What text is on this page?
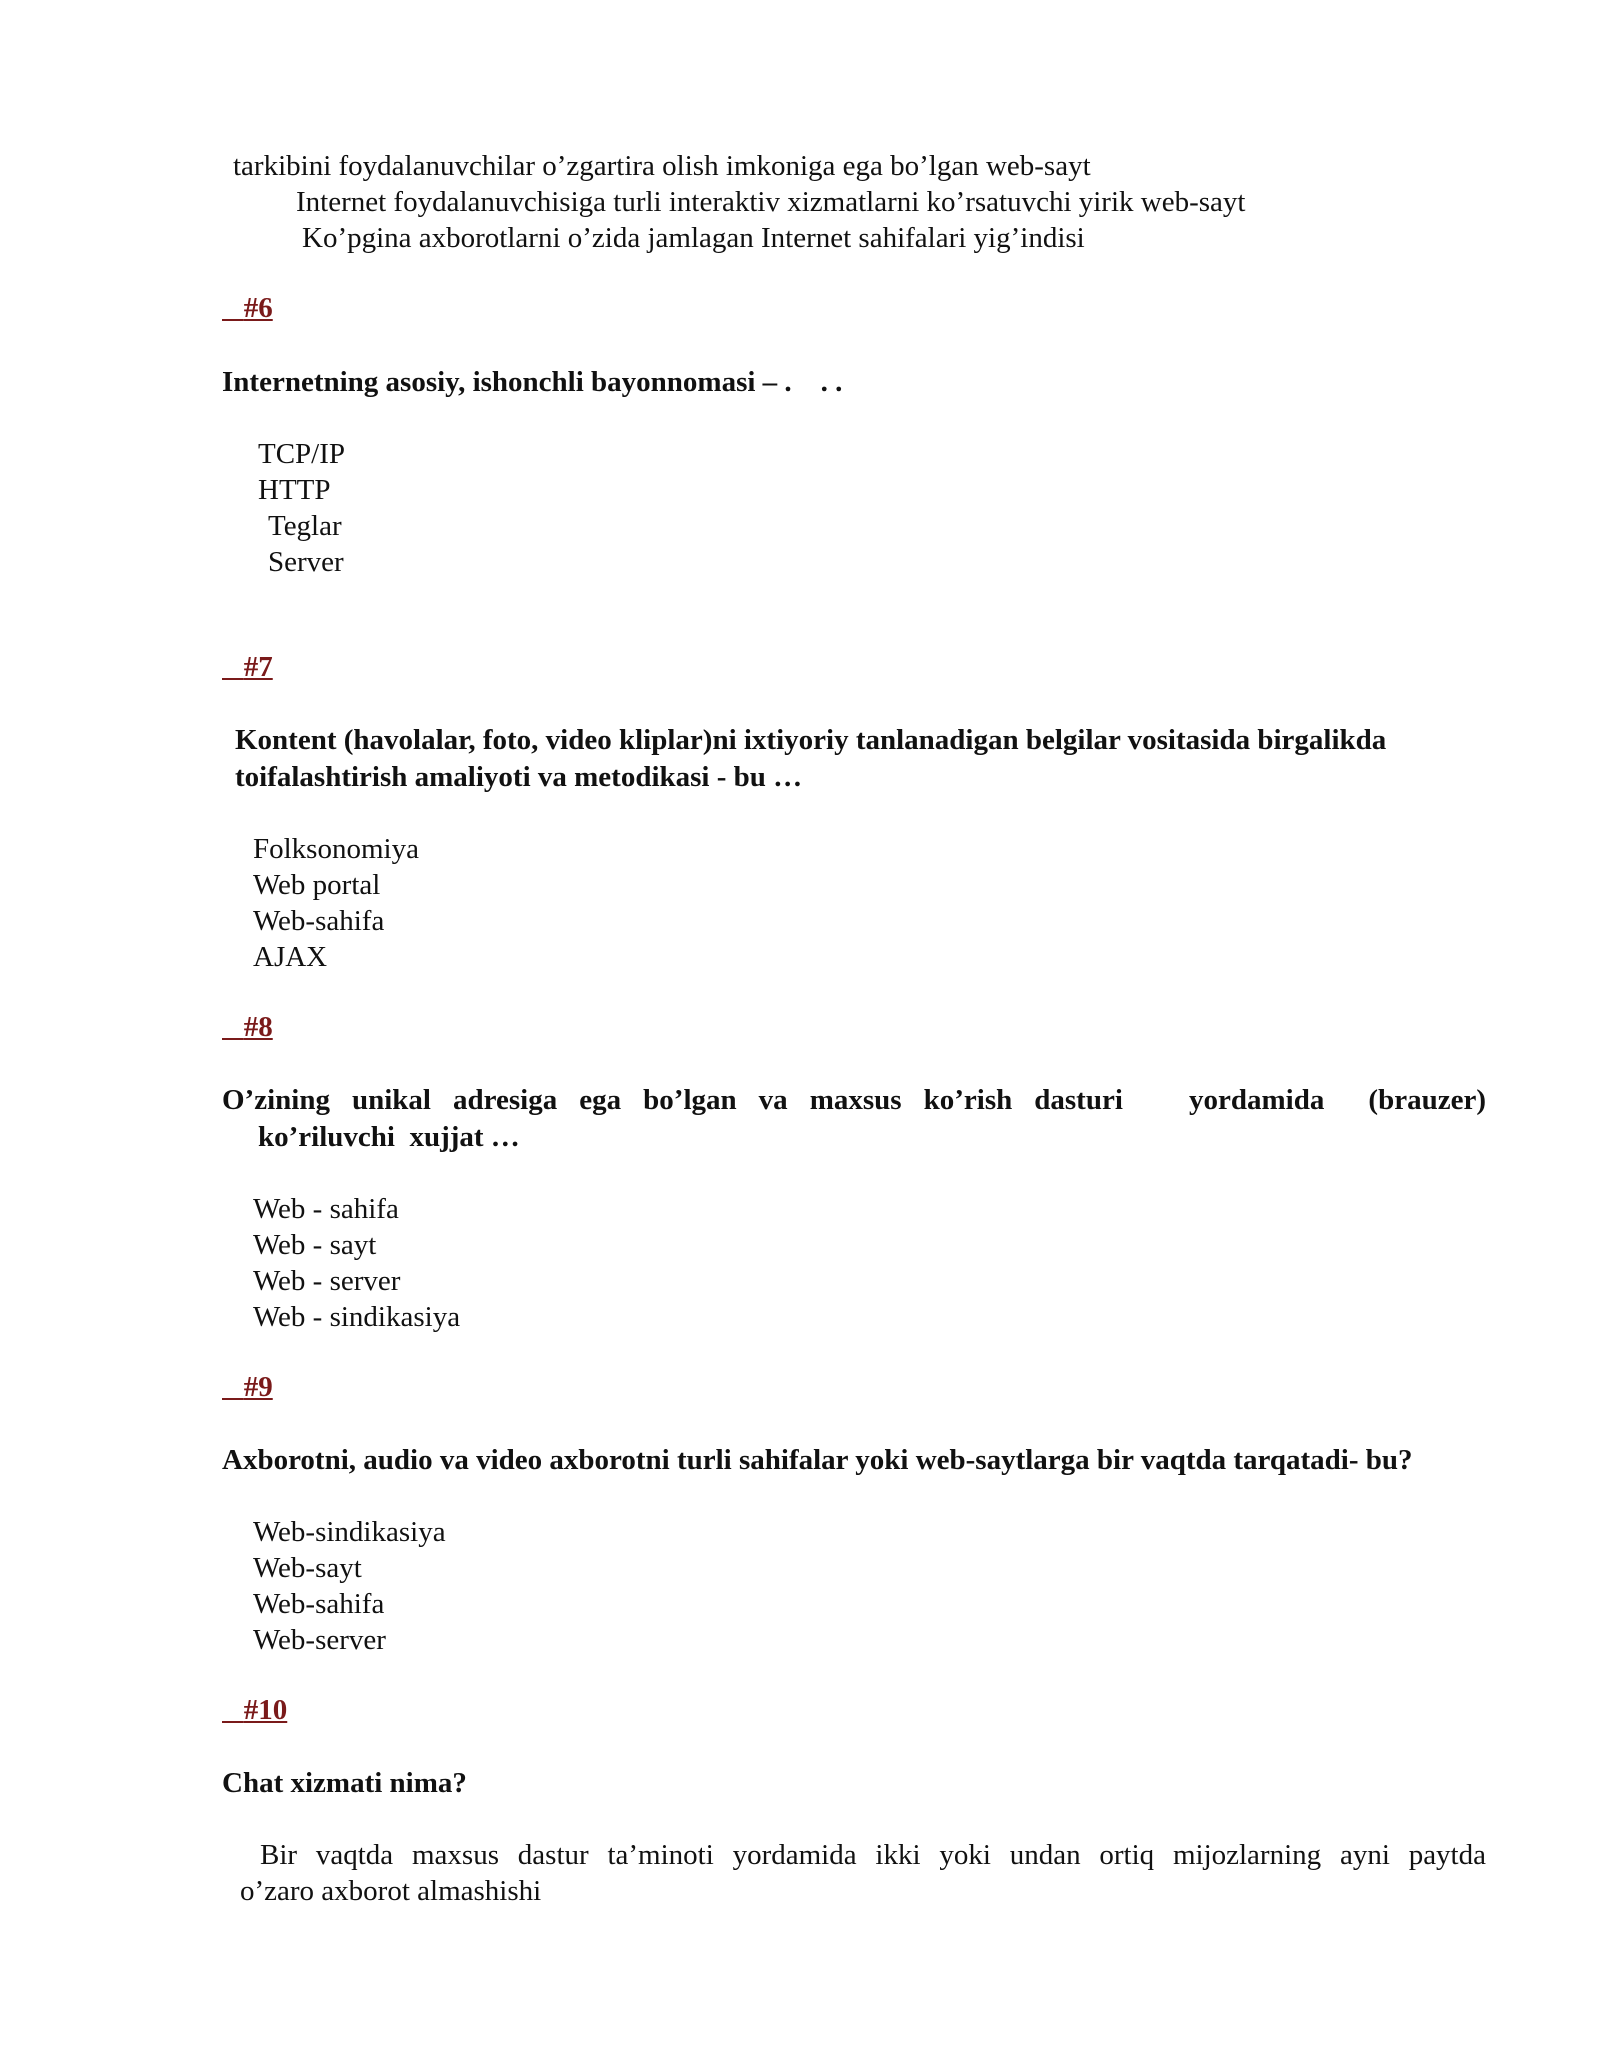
tarkibini foydalanuvchilar o’zgartira olish imkoniga ega bo’lgan web-sayt
Internet foydalanuvchisiga turli interaktiv xizmatlarni ko’rsatuvchi yirik web-sayt
Ko’pgina axborotlarni o’zida jamlagan Internet sahifalari yig’indisi
#6
Internetning asosiy, ishonchli bayonnomasi – .    . .
TCP/IP
HTTP
Teglar
Server
#7
Kontent (havolalar, foto, video kliplar)ni ixtiyoriy tanlanadigan belgilar vositasida birgalikda
toifalashtirish amaliyoti va metodikasi - bu …
Folksonomiya
Web portal
Web-sahifa
AJAX
#8
O’zining unikal adresiga ega bo’lgan va maxsus ko’rish dasturi   yordamida  (brauzer)
ko’riluvchi  xujjat …
Web - sahifa
Web - sayt
Web - server
Web - sindikasiya
#9
Axborotni, audio va video axborotni turli sahifalar yoki web-saytlarga bir vaqtda tarqatadi- bu?
Web-sindikasiya
Web-sayt
Web-sahifa
Web-server
#10
Chat xizmati nima?
Bir vaqtda maxsus dastur ta’minoti yordamida ikki yoki undan ortiq mijozlarning ayni paytda
o’zaro axborot almashishi
